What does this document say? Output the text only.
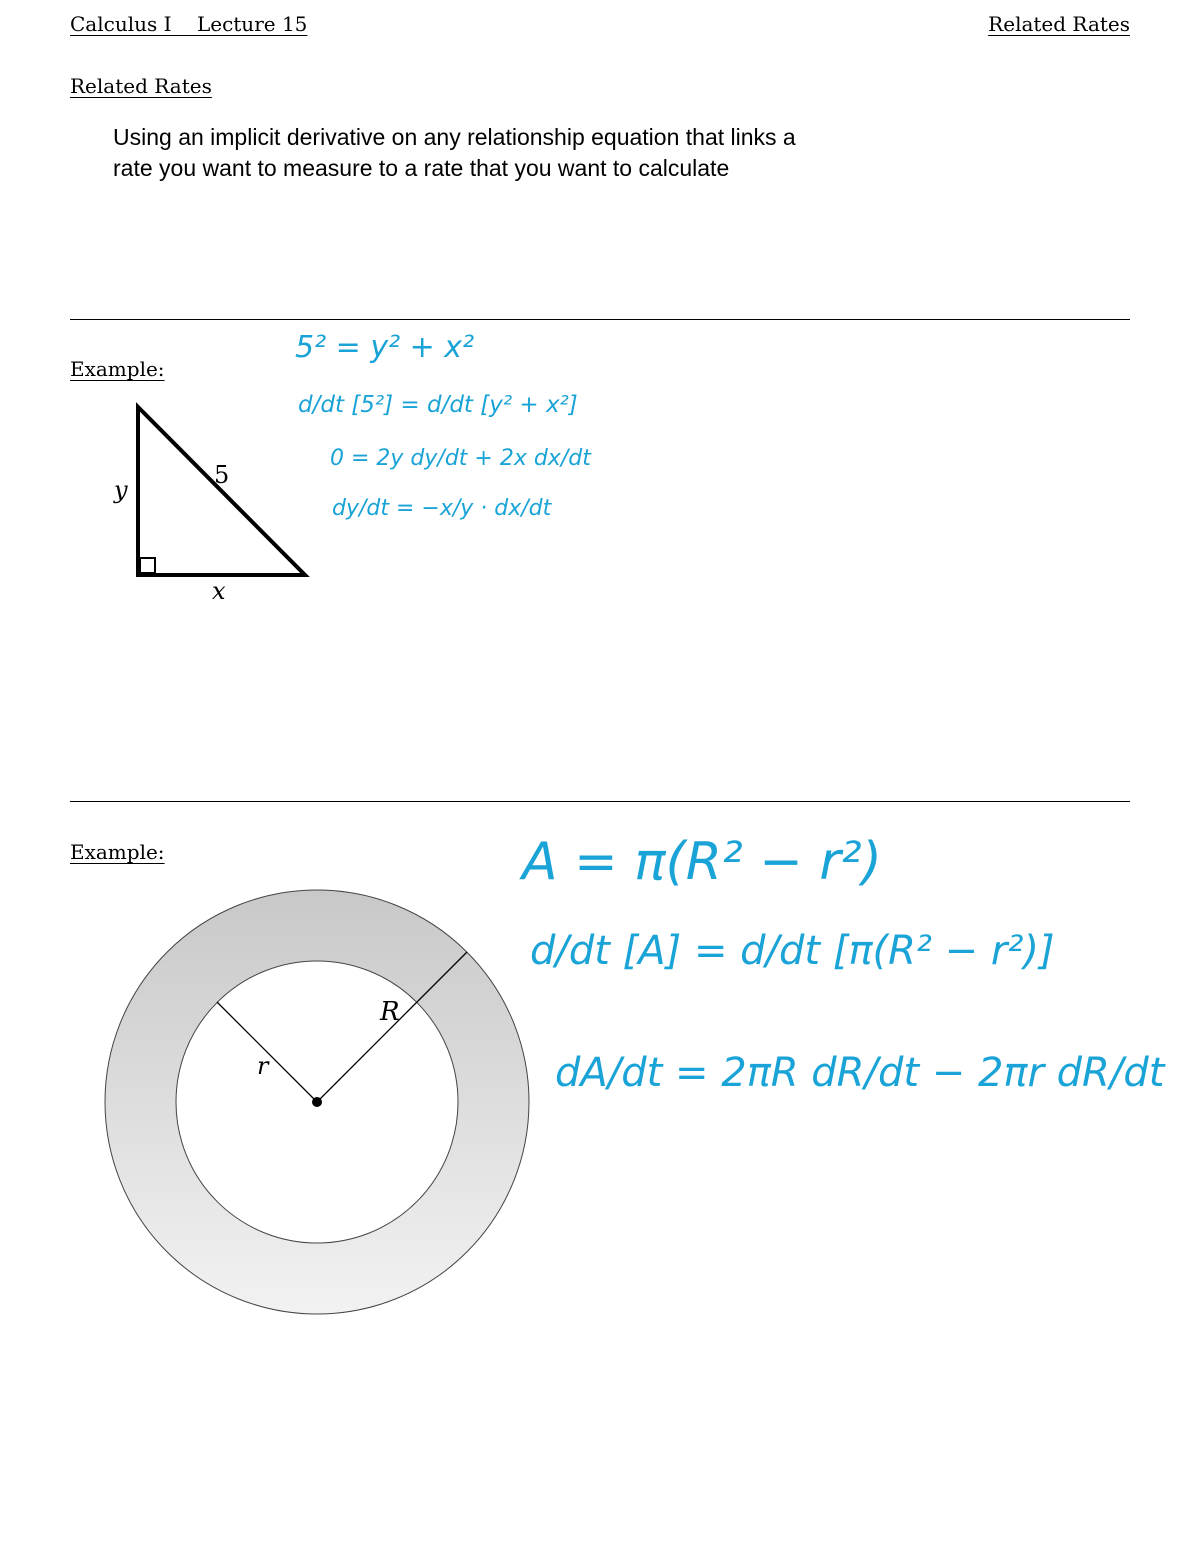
Calculus I Lecture 15	Related Rates
Related Rates
Using an implicit derivative on any relationship equation that links a rate you want to measure to a rate that you want to calculate
Example:
y
x
5
5² = y² + x²
d/dt [5²] = d/dt [y² + x²]
0 = 2y dy/dt + 2x dx/dt
dy/dt = −x/y · dx/dt
Example:
R
r
A = π(R² − r²)
d/dt [A] = d/dt [π(R² − r²)]
dA/dt = 2πR dR/dt − 2πr dR/dt
